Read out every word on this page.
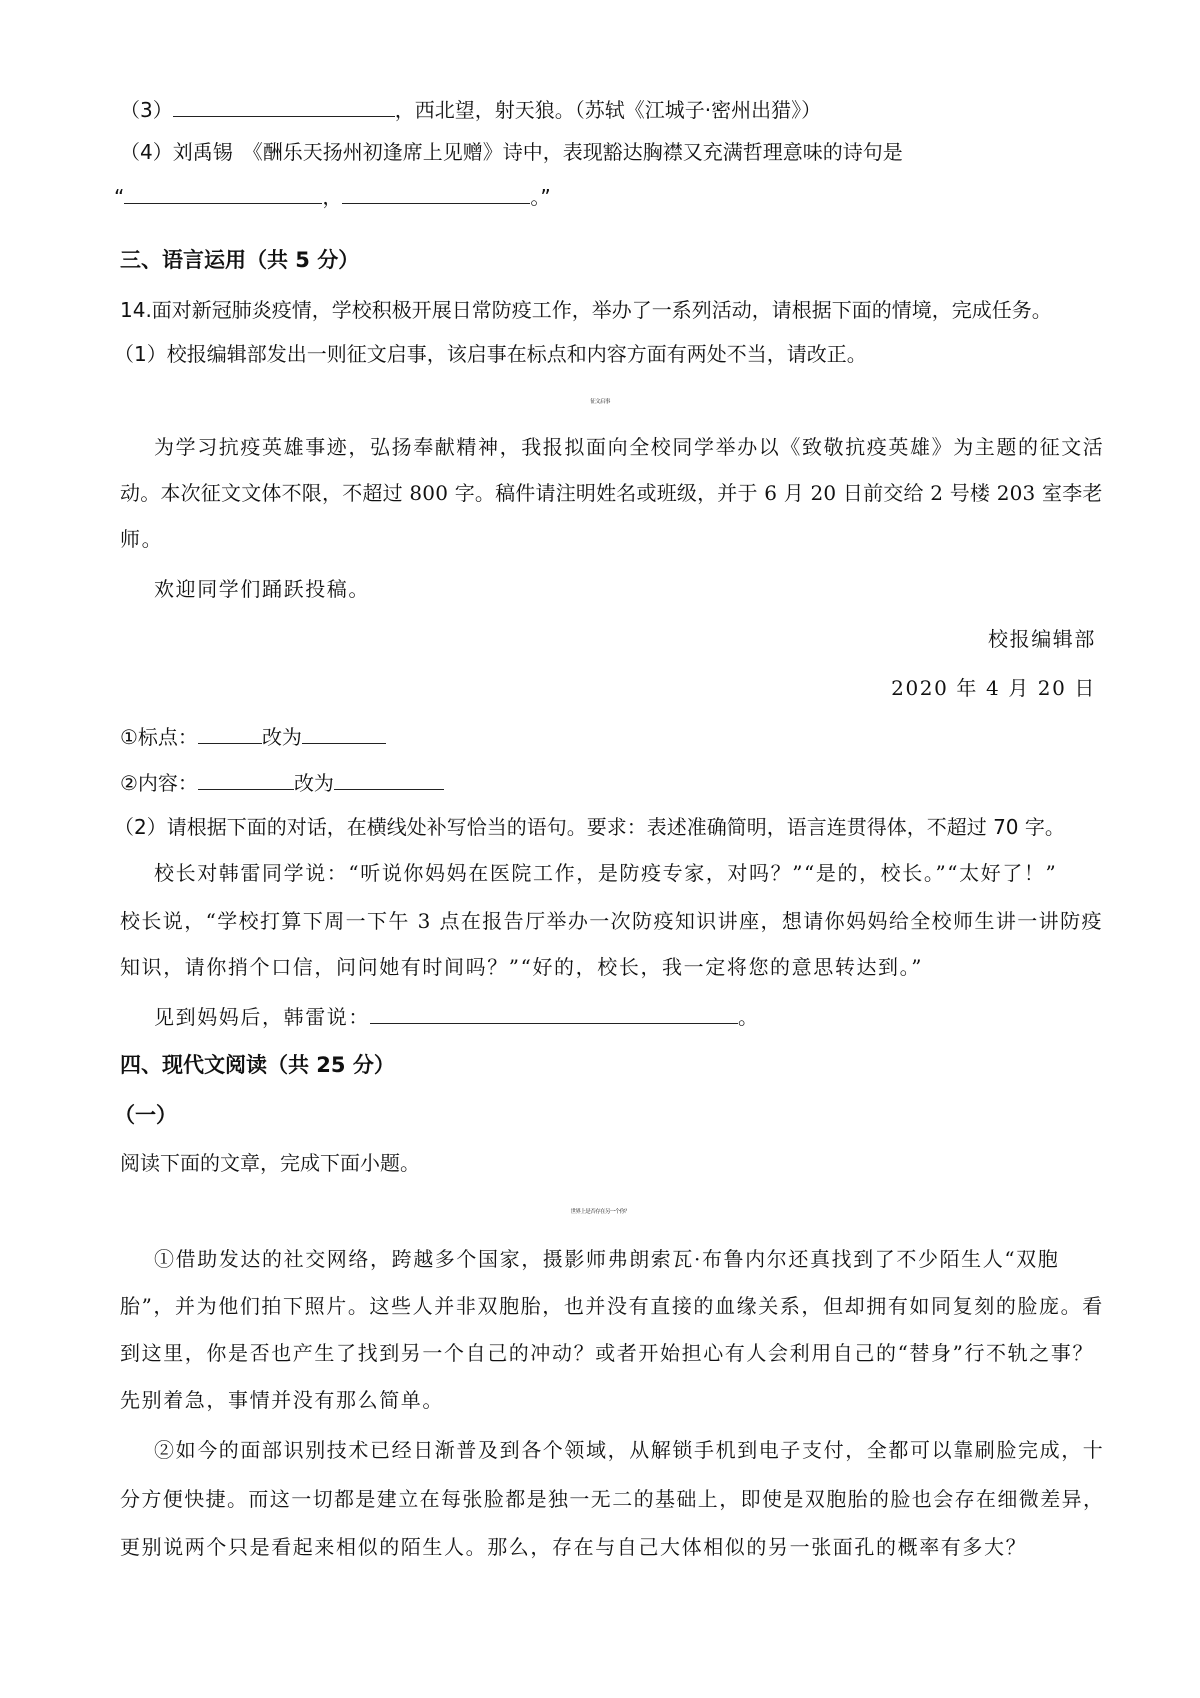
（3）	，西北望，射天狼。（苏轼《江城子·密州出猎》）
（4）刘禹锡　《酬乐天扬州初逢席上见赠》诗中，表现豁达胸襟又充满哲理意味的诗句是
“	，	。”
三、语言运用（共 5 分）
14.面对新冠肺炎疫情，学校积极开展日常防疫工作，举办了一系列活动，请根据下面的情境，完成任务。
（1）校报编辑部发出一则征文启事，该启事在标点和内容方面有两处不当，请改正。
征文启事
为学习抗疫英雄事迹，弘扬奉献精神，我报拟面向全校同学举办以《致敬抗疫英雄》为主题的征文活
动。本次征文文体不限，不超过 800 字。稿件请注明姓名或班级，并于 6 月 20 日前交给 2 号楼 203 室李老
师。
欢迎同学们踊跃投稿。
校报编辑部
2020 年 4 月 20 日
①标点：	改为
②内容：	改为
（2）请根据下面的对话，在横线处补写恰当的语句。要求：表述准确简明，语言连贯得体，不超过 70 字。
校长对韩雷同学说：“听说你妈妈在医院工作，是防疫专家，对吗？”“是的，校长。”“太好了！”
校长说，“学校打算下周一下午 3 点在报告厅举办一次防疫知识讲座，想请你妈妈给全校师生讲一讲防疫
知识，请你捎个口信，问问她有时间吗？”“好的，校长，我一定将您的意思转达到。”
见到妈妈后，韩雷说：	。
四、现代文阅读（共 25 分）
（一）
阅读下面的文章，完成下面小题。
世界上是否存在另一个你？
①借助发达的社交网络，跨越多个国家，摄影师弗朗索瓦·布鲁内尔还真找到了不少陌生人“双胞
胎”，并为他们拍下照片。这些人并非双胞胎，也并没有直接的血缘关系，但却拥有如同复刻的脸庞。看
到这里，你是否也产生了找到另一个自己的冲动？或者开始担心有人会利用自己的“替身”行不轨之事？
先别着急，事情并没有那么简单。
②如今的面部识别技术已经日渐普及到各个领域，从解锁手机到电子支付，全都可以靠刷脸完成，十
分方便快捷。而这一切都是建立在每张脸都是独一无二的基础上，即使是双胞胎的脸也会存在细微差异，
更别说两个只是看起来相似的陌生人。那么，存在与自己大体相似的另一张面孔的概率有多大？
